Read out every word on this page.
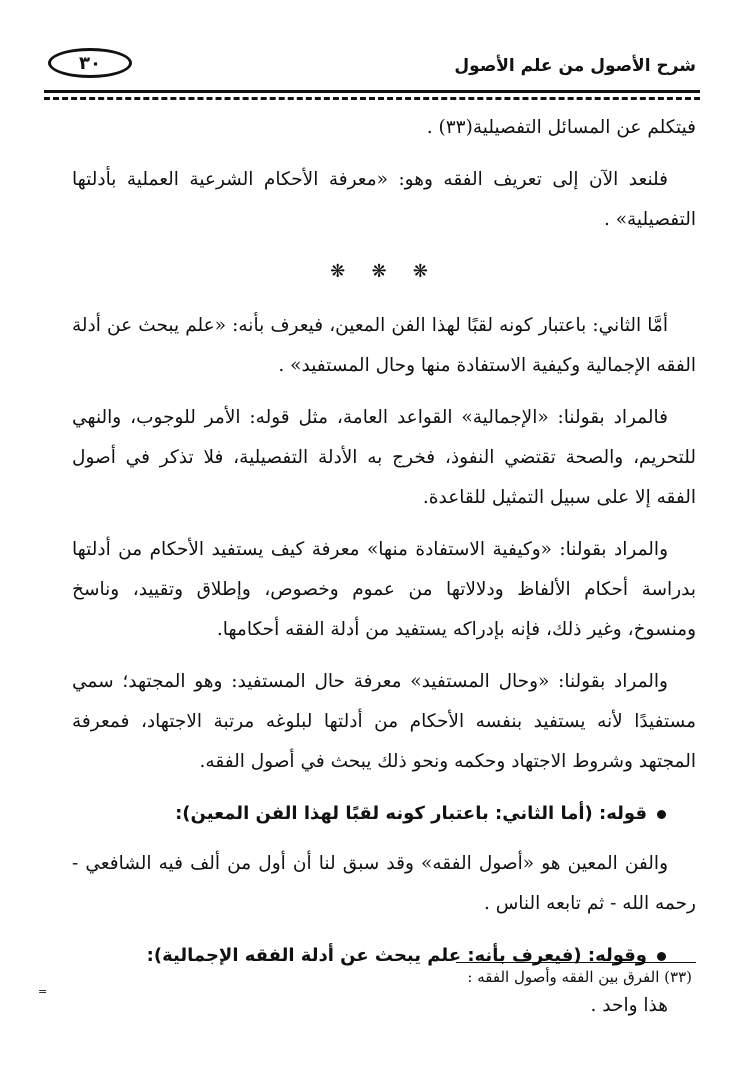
٣٠	شرح الأصول من علم الأصول

فيتكلم عن المسائل التفصيلية(٣٣) .

فلنعد الآن إلى تعريف الفقه وهو: «معرفة الأحكام الشرعية العملية بأدلتها التفصيلية» .

❋ ❋ ❋

أمَّا الثاني: باعتبار كونه لقبًا لهذا الفن المعين، فيعرف بأنه: «علم يبحث عن أدلة الفقه الإجمالية وكيفية الاستفادة منها وحال المستفيد» .

فالمراد بقولنا: «الإجمالية» القواعد العامة، مثل قوله: الأمر للوجوب، والنهي للتحريم، والصحة تقتضي النفوذ، فخرج به الأدلة التفصيلية، فلا تذكر في أصول الفقه إلا على سبيل التمثيل للقاعدة.

والمراد بقولنا: «وكيفية الاستفادة منها» معرفة كيف يستفيد الأحكام من أدلتها بدراسة أحكام الألفاظ ودلالاتها من عموم وخصوص، وإطلاق وتقييد، وناسخ ومنسوخ، وغير ذلك، فإنه بإدراكه يستفيد من أدلة الفقه أحكامها.

والمراد بقولنا: «وحال المستفيد» معرفة حال المستفيد: وهو المجتهد؛ سمي مستفيدًا لأنه يستفيد بنفسه الأحكام من أدلتها لبلوغه مرتبة الاجتهاد، فمعرفة المجتهد وشروط الاجتهاد وحكمه ونحو ذلك يبحث في أصول الفقه.

قوله: (أما الثاني: باعتبار كونه لقبًا لهذا الفن المعين):

والفن المعين هو «أصول الفقه» وقد سبق لنا أن أول من ألف فيه الشافعي - رحمه الله - ثم تابعه الناس .

وقوله: (فيعرف بأنه: علم يبحث عن أدلة الفقه الإجمالية):

هذا واحد .

(٣٣) الفرق بين الفقه وأصول الفقه :
=
